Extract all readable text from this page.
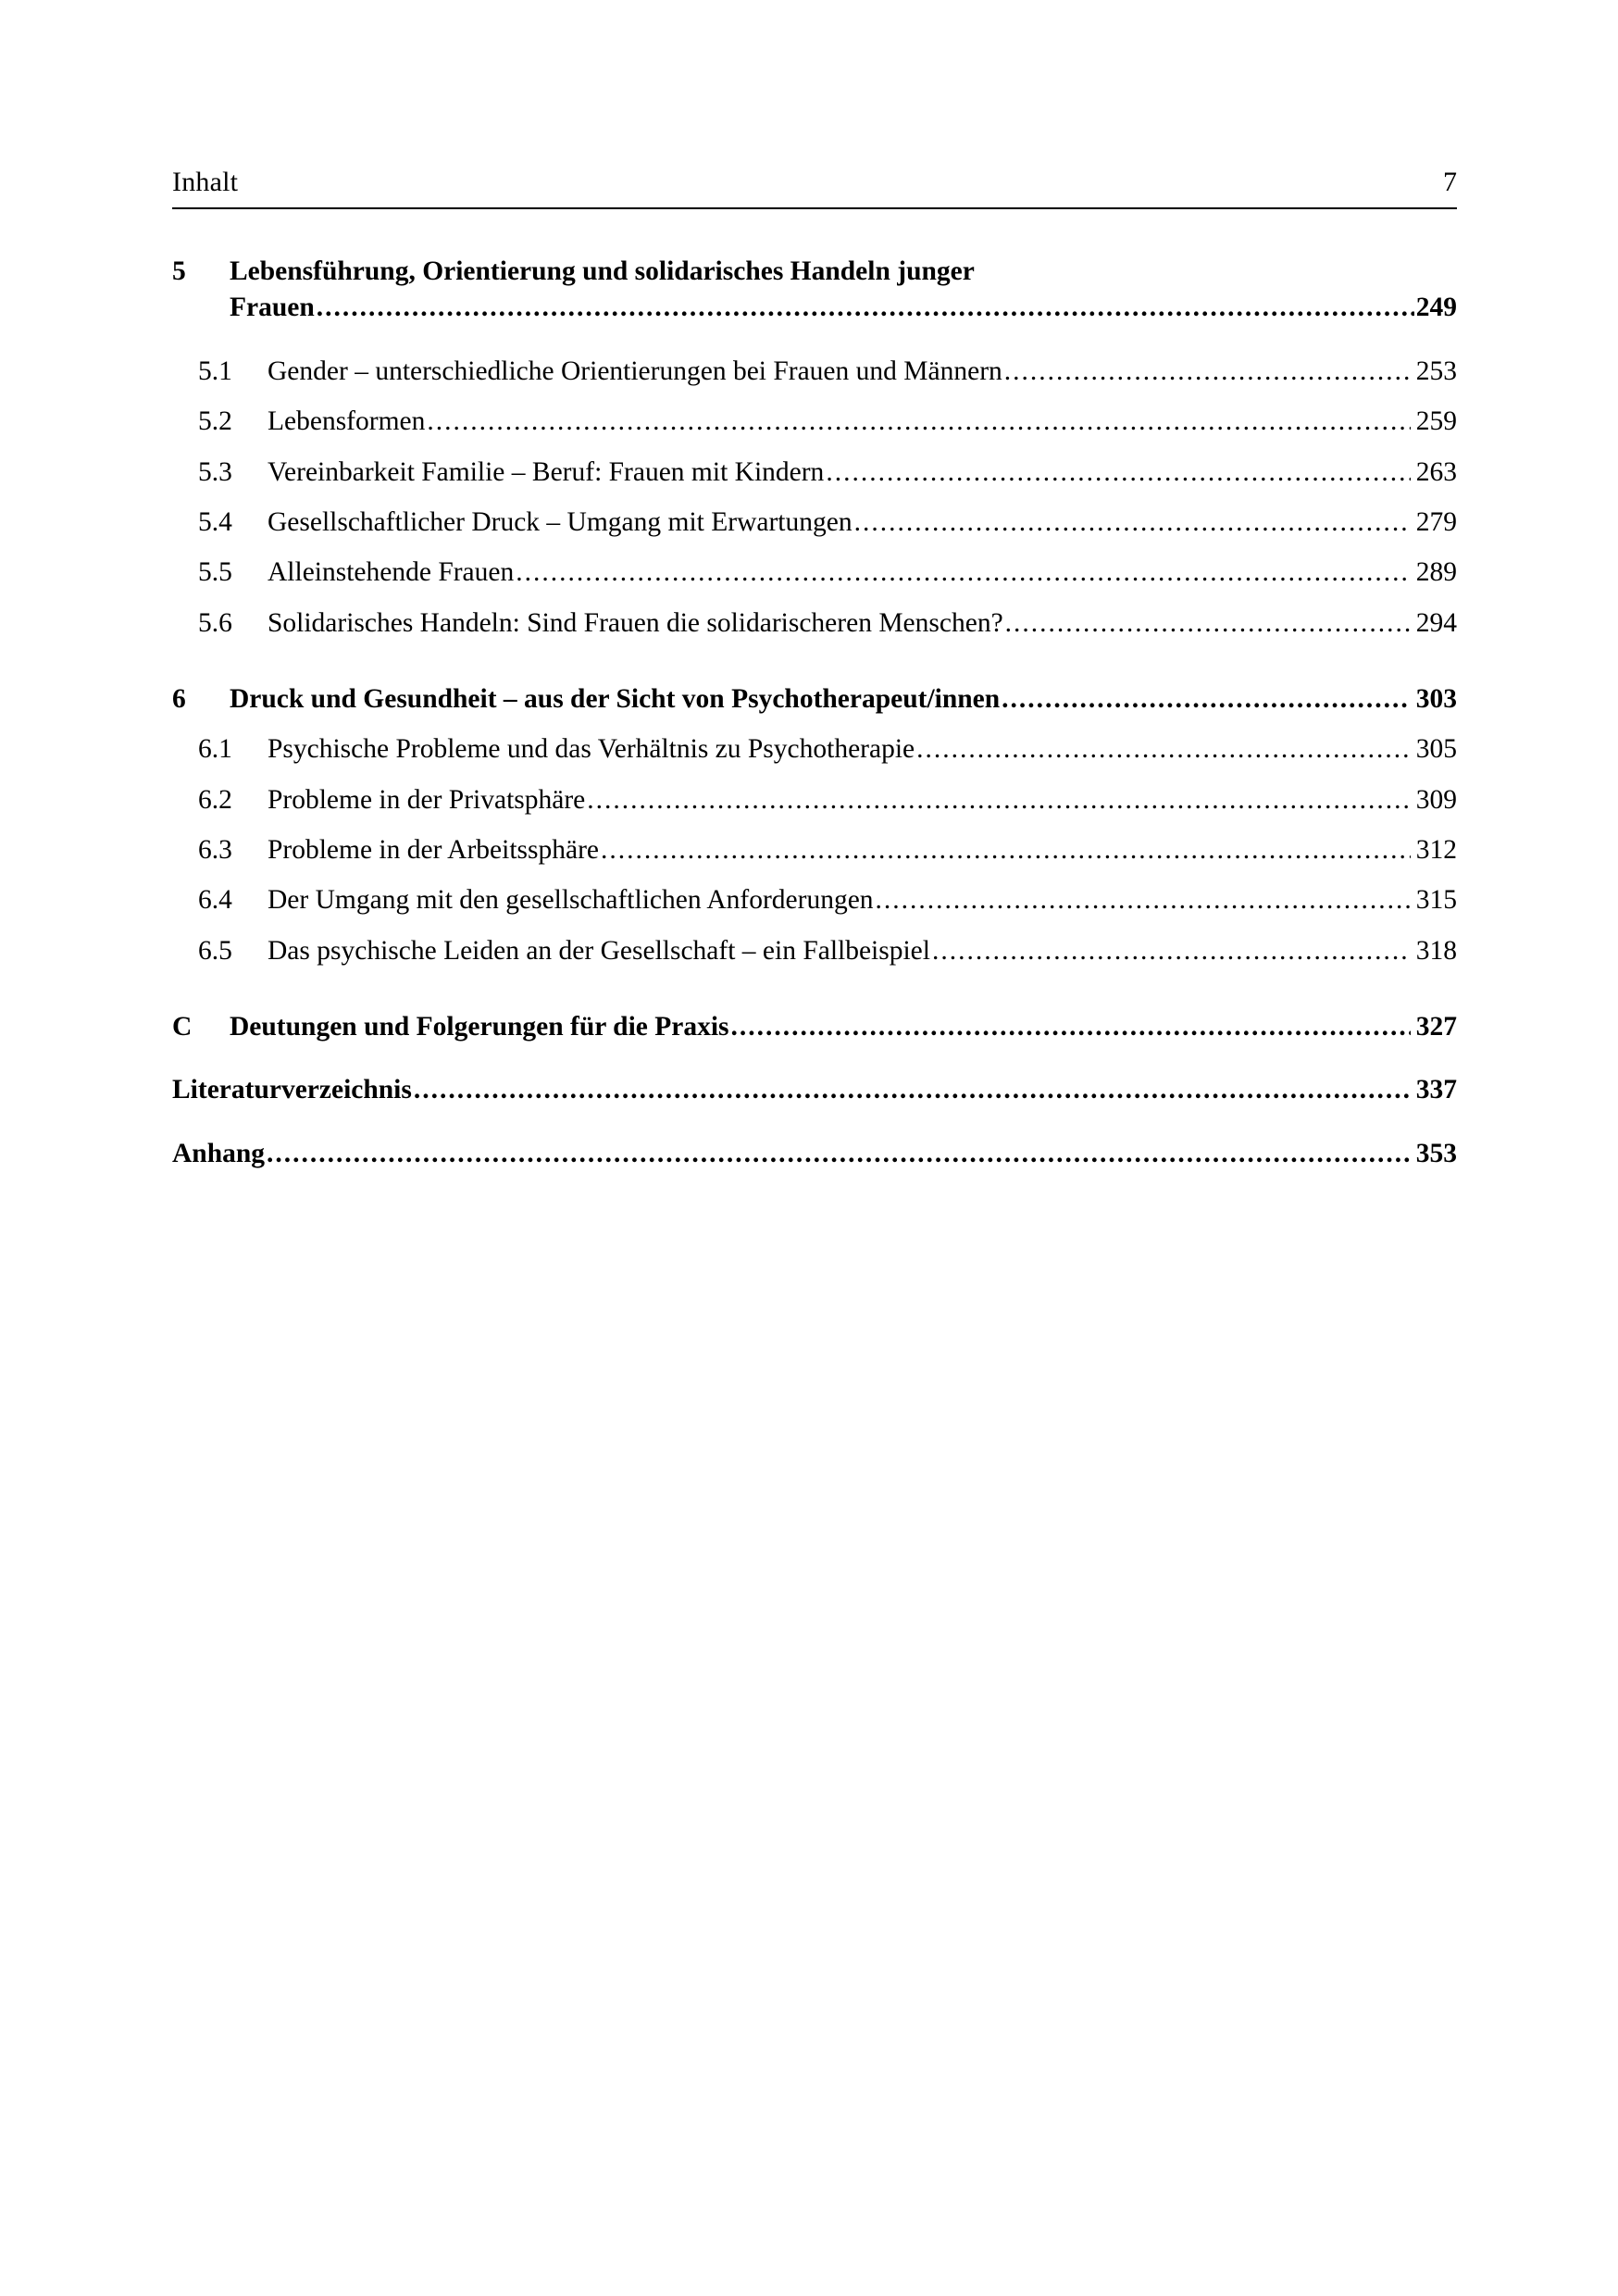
Inhalt	7
5	Lebensführung, Orientierung und solidarisches Handeln junger
Frauen .....	249
5.1	Gender – unterschiedliche Orientierungen bei Frauen und Männern .....	253
5.2	Lebensformen .....	259
5.3	Vereinbarkeit Familie – Beruf: Frauen mit Kindern .....	263
5.4	Gesellschaftlicher Druck – Umgang mit Erwartungen .....	279
5.5	Alleinstehende Frauen .....	289
5.6	Solidarisches Handeln: Sind Frauen die solidarischeren Menschen? .....	294
6	Druck und Gesundheit – aus der Sicht von Psychotherapeut/innen .....	303
6.1	Psychische Probleme und das Verhältnis zu Psychotherapie .....	305
6.2	Probleme in der Privatsphäre .....	309
6.3	Probleme in der Arbeitssphäre .....	312
6.4	Der Umgang mit den gesellschaftlichen Anforderungen .....	315
6.5	Das psychische Leiden an der Gesellschaft – ein Fallbeispiel .....	318
C	Deutungen und Folgerungen für die Praxis .....	327
Literaturverzeichnis .....	337
Anhang .....	353
